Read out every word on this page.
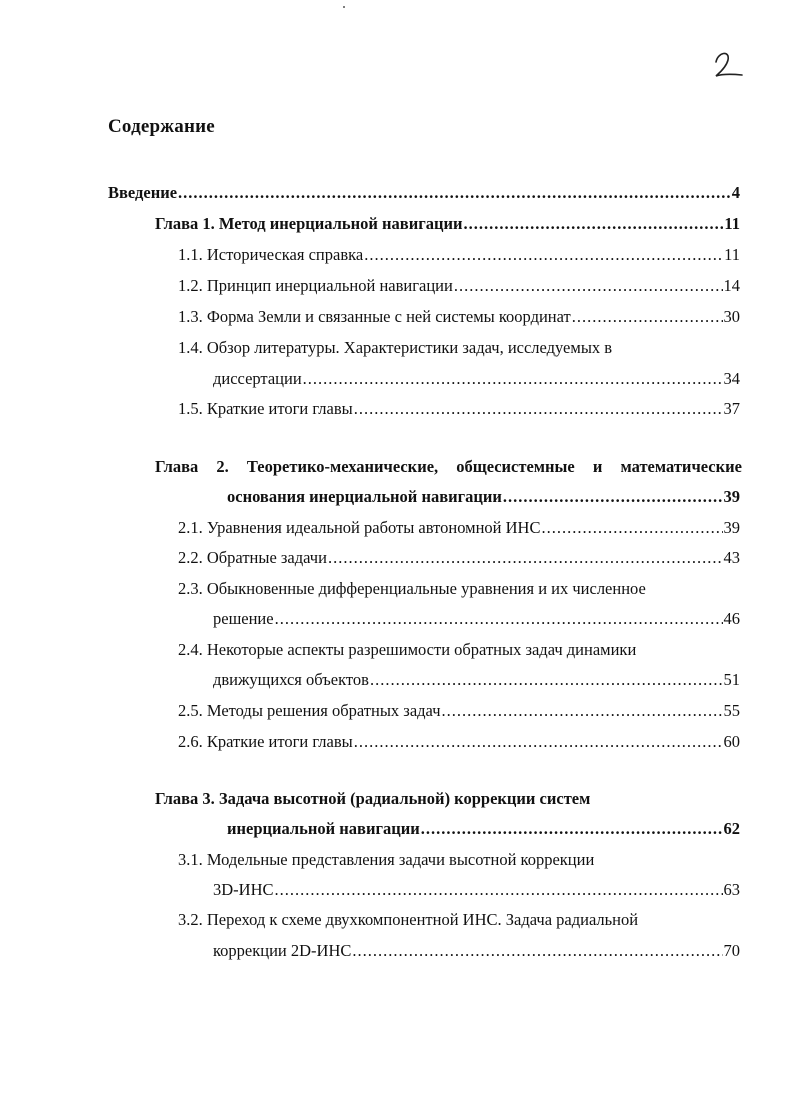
Содержание
Введение .....	4
Глава 1. Метод инерциальной навигации .....	11
1.1. Историческая справка .....	11
1.2. Принцип инерциальной навигации .....	14
1.3. Форма Земли и связанные с ней системы координат .....	30
1.4. Обзор литературы. Характеристики задач, исследуемых в
диссертации .....	34
1.5. Краткие итоги главы .....	37
Глава 2. Теоретико-механические, общесистемные и математические
основания инерциальной навигации .....	39
2.1. Уравнения идеальной работы автономной ИНС .....	39
2.2. Обратные задачи .....	43
2.3. Обыкновенные дифференциальные уравнения и их численное
решение .....	46
2.4. Некоторые аспекты разрешимости обратных задач динамики
движущихся объектов .....	51
2.5. Методы решения обратных задач .....	55
2.6. Краткие итоги главы .....	60
Глава 3. Задача высотной (радиальной) коррекции систем
инерциальной навигации .....	62
3.1. Модельные представления задачи высотной коррекции
3D-ИНС .....	63
3.2. Переход к схеме двухкомпонентной ИНС. Задача радиальной
коррекции 2D-ИНС .....	70
